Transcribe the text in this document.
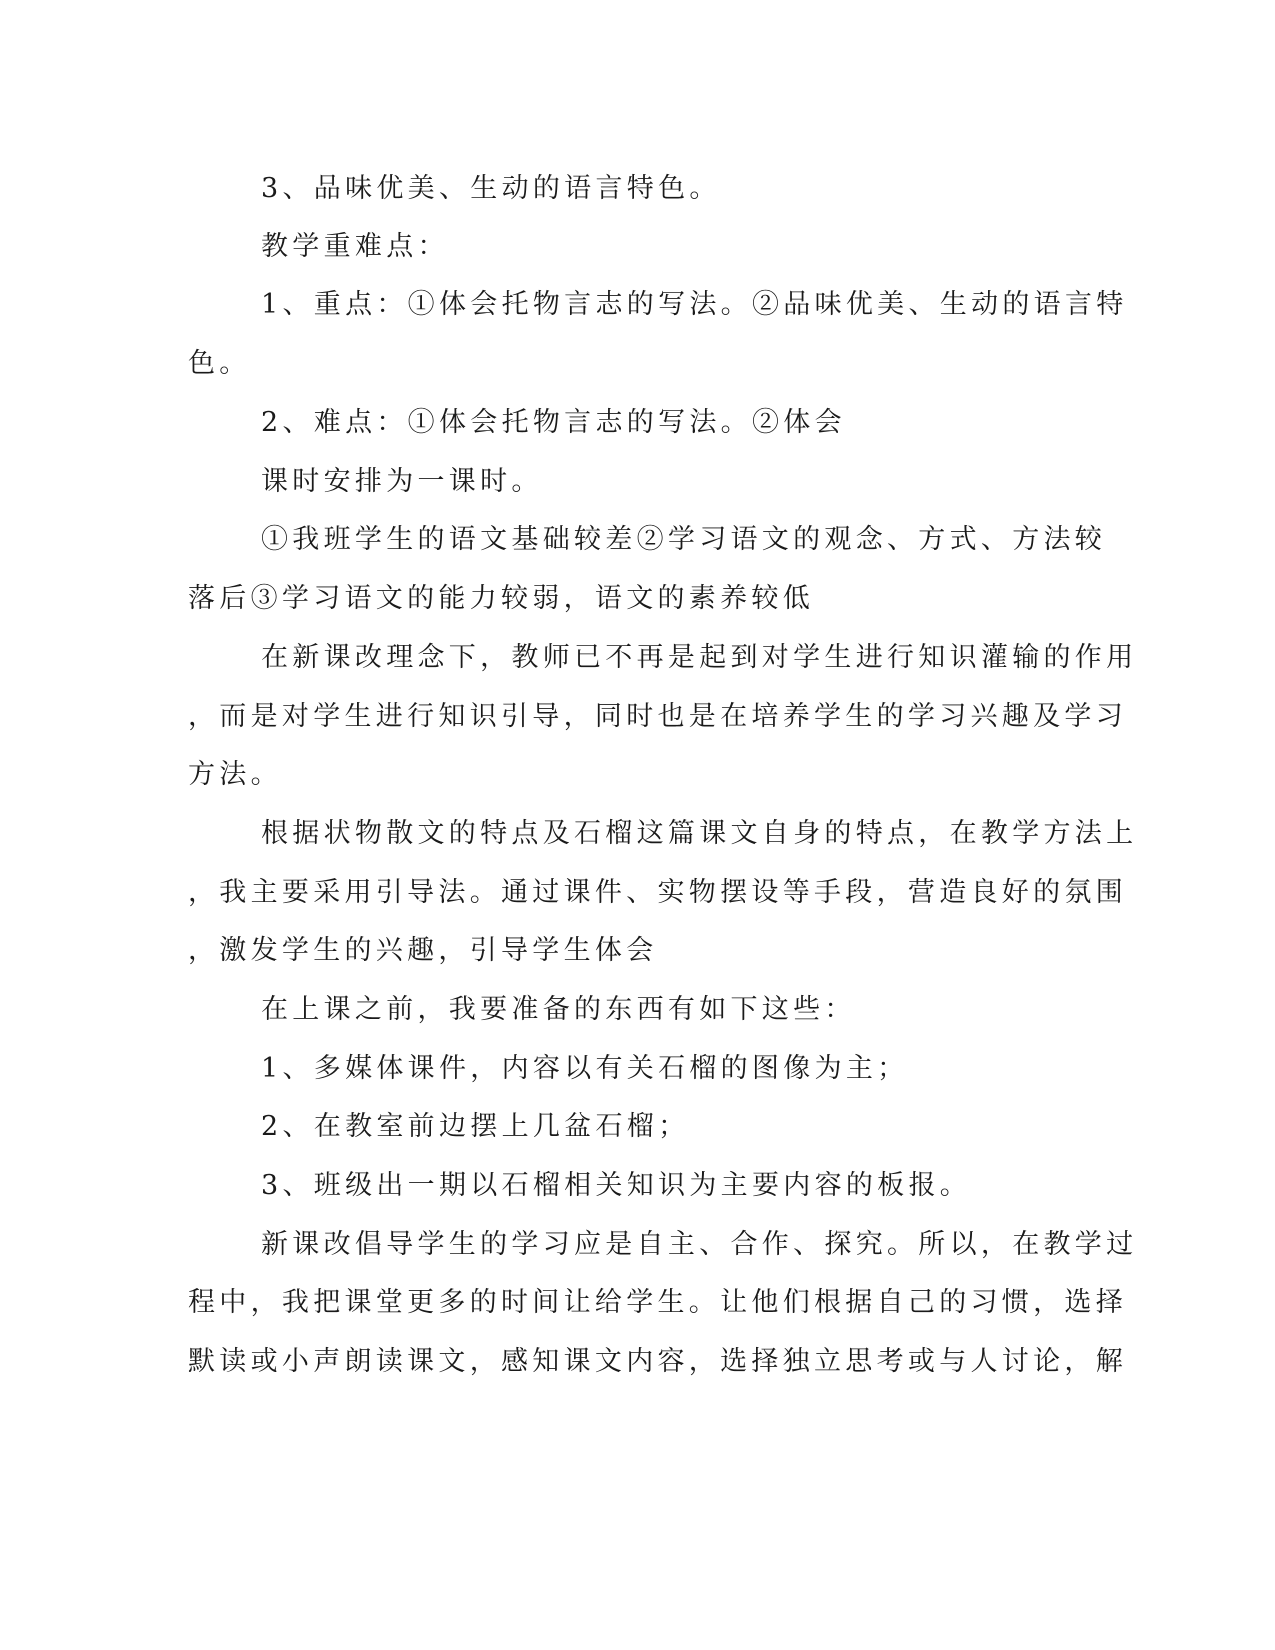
3、品味优美、生动的语言特色。
教学重难点：
1、重点：①体会托物言志的写法。②品味优美、生动的语言特
色。
2、难点：①体会托物言志的写法。②体会
课时安排为一课时。
①我班学生的语文基础较差②学习语文的观念、方式、方法较
落后③学习语文的能力较弱，语文的素养较低
在新课改理念下，教师已不再是起到对学生进行知识灌输的作用
，而是对学生进行知识引导，同时也是在培养学生的学习兴趣及学习
方法。
根据状物散文的特点及石榴这篇课文自身的特点，在教学方法上
，我主要采用引导法。通过课件、实物摆设等手段，营造良好的氛围
，激发学生的兴趣，引导学生体会
在上课之前，我要准备的东西有如下这些：
1、多媒体课件，内容以有关石榴的图像为主；
2、在教室前边摆上几盆石榴；
3、班级出一期以石榴相关知识为主要内容的板报。
新课改倡导学生的学习应是自主、合作、探究。所以，在教学过
程中，我把课堂更多的时间让给学生。让他们根据自己的习惯，选择
默读或小声朗读课文，感知课文内容，选择独立思考或与人讨论，解
